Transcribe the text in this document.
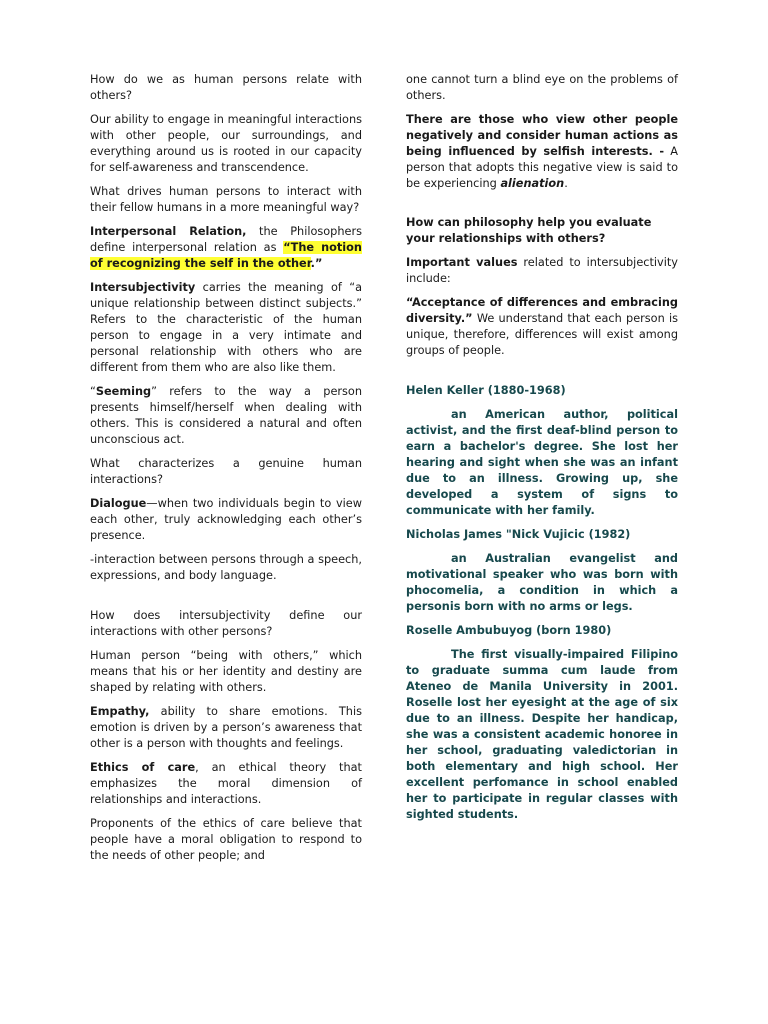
How do we as human persons relate with others?

Our ability to engage in meaningful interactions with other people, our surroundings, and everything around us is rooted in our capacity for self-awareness and transcendence.

What drives human persons to interact with their fellow humans in a more meaningful way?

Interpersonal Relation, the Philosophers define interpersonal relation as “The notion of recognizing the self in the other.”

Intersubjectivity carries the meaning of “a unique relationship between distinct subjects.” Refers to the characteristic of the human person to engage in a very intimate and personal relationship with others who are different from them who are also like them.

“Seeming” refers to the way a person presents himself/herself when dealing with others. This is considered a natural and often unconscious act.

What characterizes a genuine human interactions?

Dialogue—when two individuals begin to view each other, truly acknowledging each other’s presence.

-interaction between persons through a speech, expressions, and body language.

How does intersubjectivity define our interactions with other persons?

Human person “being with others,” which means that his or her identity and destiny are shaped by relating with others.

Empathy, ability to share emotions. This emotion is driven by a person’s awareness that other is a person with thoughts and feelings.

Ethics of care, an ethical theory that emphasizes the moral dimension of relationships and interactions.

Proponents of the ethics of care believe that people have a moral obligation to respond to the needs of other people; and

one cannot turn a blind eye on the problems of others.

There are those who view other people negatively and consider human actions as being influenced by selfish interests. - A person that adopts this negative view is said to be experiencing alienation.

How can philosophy help you evaluate your relationships with others?

Important values related to intersubjectivity include:

“Acceptance of differences and embracing diversity.” We understand that each person is unique, therefore, differences will exist among groups of people.

Helen Keller (1880-1968)

an American author, political activist, and the first deaf-blind person to earn a bachelor's degree. She lost her hearing and sight when she was an infant due to an illness. Growing up, she developed a system of signs to communicate with her family.

Nicholas James "Nick Vujicic (1982)

an Australian evangelist and motivational speaker who was born with phocomelia, a condition in which a personis born with no arms or legs.

Roselle Ambubuyog (born 1980)

The first visually-impaired Filipino to graduate summa cum laude from Ateneo de Manila University in 2001. Roselle lost her eyesight at the age of six due to an illness. Despite her handicap, she was a consistent academic honoree in her school, graduating valedictorian in both elementary and high school. Her excellent perfomance in school enabled her to participate in regular classes with sighted students.
